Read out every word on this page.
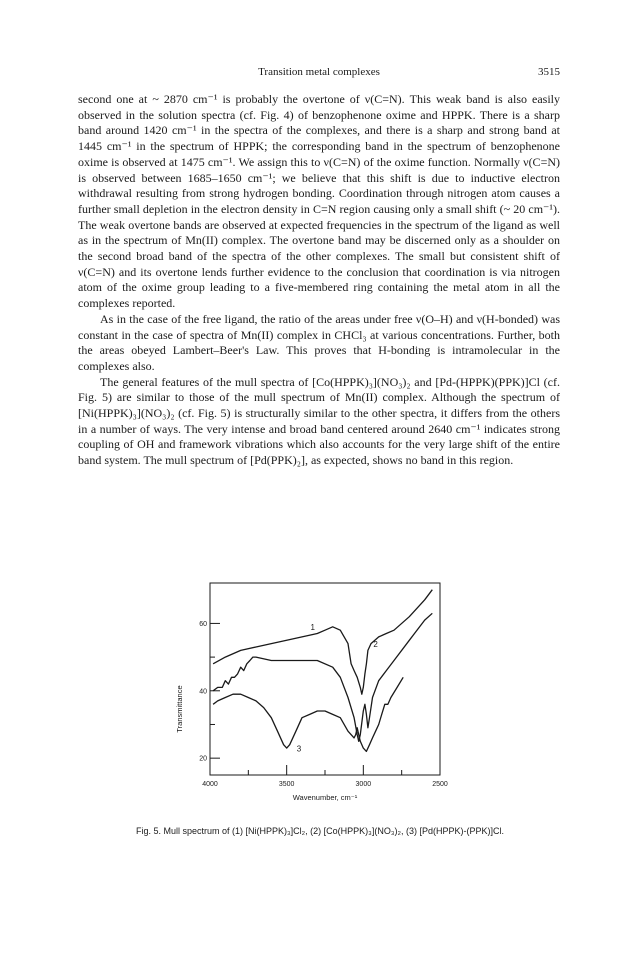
Transition metal complexes	3515

second one at ~ 2870 cm⁻¹ is probably the overtone of ν(C=N). This weak band is also easily observed in the solution spectra (cf. Fig. 4) of benzophenone oxime and HPPK. There is a sharp band around 1420 cm⁻¹ in the spectra of the complexes, and there is a sharp and strong band at 1445 cm⁻¹ in the spectrum of HPPK; the corresponding band in the spectrum of benzophenone oxime is observed at 1475 cm⁻¹. We assign this to ν(C=N) of the oxime function. Normally ν(C=N) is observed between 1685–1650 cm⁻¹; we believe that this shift is due to inductive electron withdrawal resulting from strong hydrogen bonding. Coordination through nitrogen atom causes a further small depletion in the electron density in C=N region causing only a small shift (~ 20 cm⁻¹). The weak overtone bands are observed at expected frequencies in the spectrum of the ligand as well as in the spectrum of Mn(II) complex. The overtone band may be discerned only as a shoulder on the second broad band of the spectra of the other complexes. The small but consistent shift of ν(C=N) and its overtone lends further evidence to the conclusion that coordination is via nitrogen atom of the oxime group leading to a five-membered ring containing the metal atom in all the complexes reported.

As in the case of the free ligand, the ratio of the areas under free ν(O–H) and ν(H-bonded) was constant in the case of spectra of Mn(II) complex in CHCl₃ at various concentrations. Further, both the areas obeyed Lambert–Beer's Law. This proves that H-bonding is intramolecular in the complexes also.

The general features of the mull spectra of [Co(HPPK)₃](NO₃)₂ and [Pd-(HPPK)(PPK)]Cl (cf. Fig. 5) are similar to those of the mull spectrum of Mn(II) complex. Although the spectrum of [Ni(HPPK)₃](NO₃)₂ (cf. Fig. 5) is structurally similar to the other spectra, it differs from the others in a number of ways. The very intense and broad band centered around 2640 cm⁻¹ indicates strong coupling of OH and framework vibrations which also accounts for the very large shift of the entire band system. The mull spectrum of [Pd(PPK)₂], as expected, shows no band in this region.

4000	3500	3000	2500
60
40
20
Wavenumber, cm⁻¹
Transmittance
1
2
3
Fig. 5. Mull spectrum of (1) [Ni(HPPK)₃]Cl₂, (2) [Co(HPPK)₃](NO₃)₂, (3) [Pd(HPPK)-(PPK)]Cl.
